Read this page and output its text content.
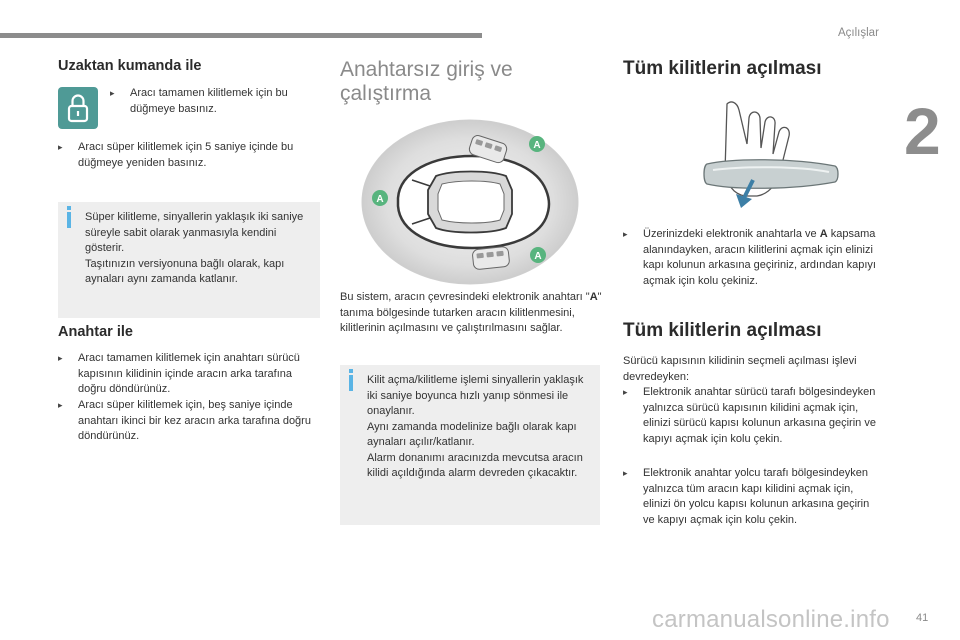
Açılışlar
2
41
carmanualsonline.info
Uzaktan kumanda ile
▸ Aracı tamamen kilitlemek için bu düğmeye basınız.
▸ Aracı süper kilitlemek için 5 saniye içinde bu düğmeye yeniden basınız.
Süper kilitleme, sinyallerin yaklaşık iki saniye süreyle sabit olarak yanmasıyla kendini gösterir.
Taşıtınızın versiyonuna bağlı olarak, kapı aynaları aynı zamanda katlanır.
Anahtar ile
▸ Aracı tamamen kilitlemek için anahtarı sürücü kapısının kilidinin içinde aracın arka tarafına doğru döndürünüz.
▸ Aracı süper kilitlemek için, beş saniye içinde anahtarı ikinci bir kez aracın arka tarafına doğru döndürünüz.
Anahtarsız giriş ve çalıştırma
A
A
A
Bu sistem, aracın çevresindeki elektronik anahtarı "A" tanıma bölgesinde tutarken aracın kilitlenmesini, kilitlerinin açılmasını ve çalıştırılmasını sağlar.
Kilit açma/kilitleme işlemi sinyallerin yaklaşık iki saniye boyunca hızlı yanıp sönmesi ile onaylanır.
Aynı zamanda modelinize bağlı olarak kapı aynaları açılır/katlanır.
Alarm donanımı aracınızda mevcutsa aracın kilidi açıldığında alarm devreden çıkacaktır.
Tüm kilitlerin açılması
▸ Üzerinizdeki elektronik anahtarla ve A kapsama alanındayken, aracın kilitlerini açmak için elinizi kapı kolunun arkasına geçiriniz, ardından kapıyı açmak için kolu çekiniz.
Tüm kilitlerin açılması
Sürücü kapısının kilidinin seçmeli açılması işlevi devredeyken:
▸ Elektronik anahtar sürücü tarafı bölgesindeyken yalnızca sürücü kapısının kilidini açmak için, elinizi sürücü kapısı kolunun arkasına geçirin ve kapıyı açmak için kolu çekin.
▸ Elektronik anahtar yolcu tarafı bölgesindeyken yalnızca tüm aracın kapı kilidini açmak için, elinizi ön yolcu kapısı kolunun arkasına geçirin ve kapıyı açmak için kolu çekin.
